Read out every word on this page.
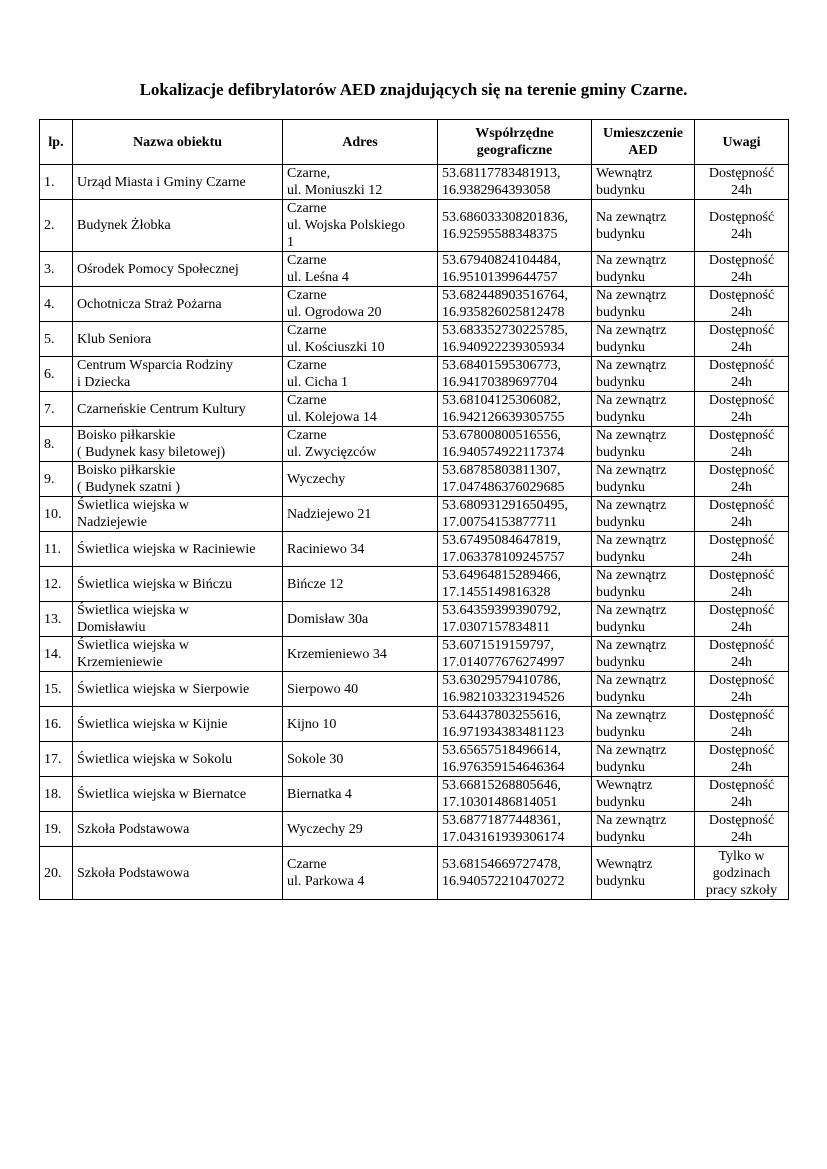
Lokalizacje defibrylatorów AED znajdujących się na terenie gminy Czarne.
lp.	Nazwa obiektu	Adres	Współrzędne
geograficzne	Umieszczenie
AED	Uwagi
1.	Urząd Miasta i Gminy Czarne	Czarne,
ul. Moniuszki 12	53.68117783481913,
16.9382964393058	Wewnątrz
budynku	Dostępność
24h
2.	Budynek Żłobka	Czarne
ul. Wojska Polskiego
1	53.686033308201836,
16.92595588348375	Na zewnątrz
budynku	Dostępność
24h
3.	Ośrodek Pomocy Społecznej	Czarne
ul. Leśna 4	53.67940824104484,
16.95101399644757	Na zewnątrz
budynku	Dostępność
24h
4.	Ochotnicza Straż Pożarna	Czarne
ul. Ogrodowa 20	53.682448903516764,
16.935826025812478	Na zewnątrz
budynku	Dostępność
24h
5.	Klub Seniora	Czarne
ul. Kościuszki 10	53.683352730225785,
16.940922239305934	Na zewnątrz
budynku	Dostępność
24h
6.	Centrum Wsparcia Rodziny
i Dziecka	Czarne
ul. Cicha 1	53.68401595306773,
16.94170389697704	Na zewnątrz
budynku	Dostępność
24h
7.	Czarneńskie Centrum Kultury	Czarne
ul. Kolejowa 14	53.68104125306082,
16.942126639305755	Na zewnątrz
budynku	Dostępność
24h
8.	Boisko piłkarskie
( Budynek kasy biletowej)	Czarne
ul. Zwycięzców	53.67800800516556,
16.940574922117374	Na zewnątrz
budynku	Dostępność
24h
9.	Boisko piłkarskie
( Budynek szatni )	Wyczechy	53.68785803811307,
17.047486376029685	Na zewnątrz
budynku	Dostępność
24h
10.	Świetlica wiejska w
Nadziejewie	Nadziejewo 21	53.680931291650495,
17.00754153877711	Na zewnątrz
budynku	Dostępność
24h
11.	Świetlica wiejska w Raciniewie	Raciniewo 34	53.67495084647819,
17.063378109245757	Na zewnątrz
budynku	Dostępność
24h
12.	Świetlica wiejska w Bińczu	Bińcze 12	53.64964815289466,
17.1455149816328	Na zewnątrz
budynku	Dostępność
24h
13.	Świetlica wiejska w
Domisławiu	Domisław 30a	53.64359399390792,
17.0307157834811	Na zewnątrz
budynku	Dostępność
24h
14.	Świetlica wiejska w
Krzemieniewie	Krzemieniewo 34	53.6071519159797,
17.014077676274997	Na zewnątrz
budynku	Dostępność
24h
15.	Świetlica wiejska w Sierpowie	Sierpowo 40	53.63029579410786,
16.982103323194526	Na zewnątrz
budynku	Dostępność
24h
16.	Świetlica wiejska w Kijnie	Kijno 10	53.64437803255616,
16.971934383481123	Na zewnątrz
budynku	Dostępność
24h
17.	Świetlica wiejska w Sokolu	Sokole 30	53.65657518496614,
16.976359154646364	Na zewnątrz
budynku	Dostępność
24h
18.	Świetlica wiejska w Biernatce	Biernatka 4	53.66815268805646,
17.10301486814051	Wewnątrz
budynku	Dostępność
24h
19.	Szkoła Podstawowa	Wyczechy 29	53.68771877448361,
17.043161939306174	Na zewnątrz
budynku	Dostępność
24h
20.	Szkoła Podstawowa	Czarne
ul. Parkowa 4	53.68154669727478,
16.940572210470272	Wewnątrz
budynku	Tylko w
godzinach
pracy szkoły
